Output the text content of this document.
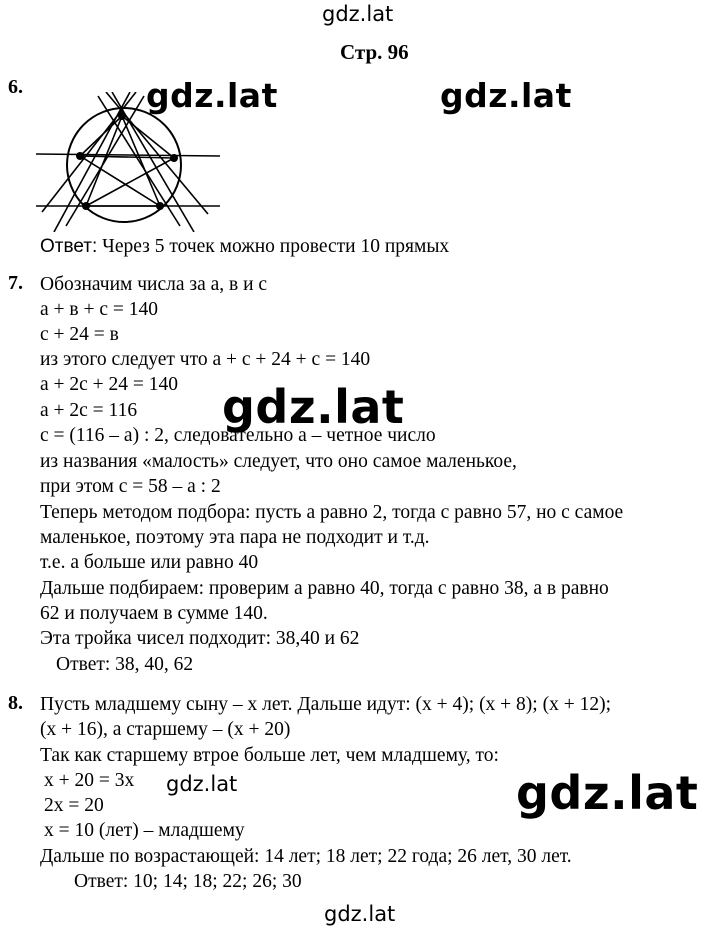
gdz.lat
gdz.lat	gdz.lat
gdz.lat
gdz.lat	gdz.lat
gdz.lat
Стр. 96
6.
Ответ: Через 5 точек можно провести 10 прямых
7. Обозначим числа за а, в и с
а + в + с = 140
с + 24 = в
из этого следует что а + с + 24 + с = 140
а + 2с + 24 = 140
а + 2с = 116
с = (116 – а) : 2, следовательно а – четное число
из названия «малость» следует, что оно самое маленькое,
при этом с = 58 – а : 2
Теперь методом подбора: пусть а равно 2, тогда с равно 57, но с самое
маленькое, поэтому эта пара не подходит и т.д.
т.е. а больше или равно 40
Дальше подбираем: проверим а равно 40, тогда с равно 38, а в равно
62 и получаем в сумме 140.
Эта тройка чисел подходит: 38,40 и 62
Ответ: 38, 40, 62
8. Пусть младшему сыну – х лет. Дальше идут: (х + 4); (х + 8); (х + 12);
(х + 16), а старшему – (х + 20)
Так как старшему втрое больше лет, чем младшему, то:
х + 20 = 3х
2х = 20
х = 10 (лет) – младшему
Дальше по возрастающей: 14 лет; 18 лет; 22 года; 26 лет, 30 лет.
Ответ: 10; 14; 18; 22; 26; 30
